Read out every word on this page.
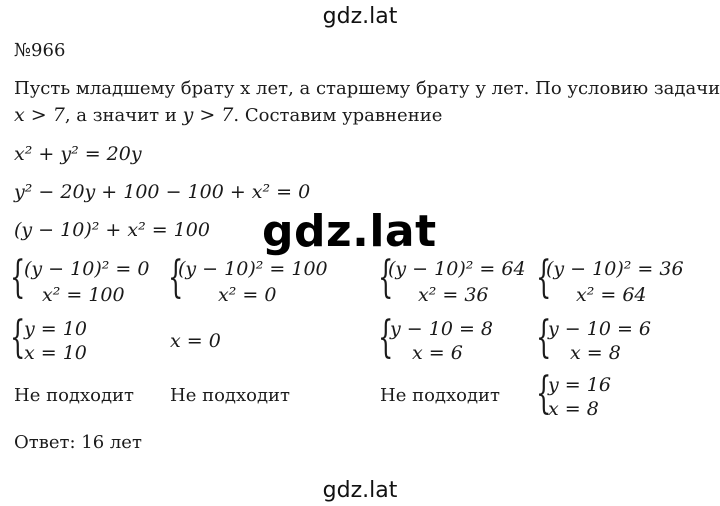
gdz.lat
№966
Пусть младшему брату х лет, а старшему брату у лет. По условию задачи
x > 7, а значит и y > 7. Составим уравнение
x² + y² = 20y
y² − 20y + 100 − 100 + x² = 0
(y − 10)² + x² = 100 gdz.lat
{
(y − 10)² = 0
x² = 100 {
(y − 10)² = 100
x² = 0 {
(y − 10)² = 64
x² = 36 {
(y − 10)² = 36
x² = 64
{
y = 10
x = 10
x = 0	{
y − 10 = 8
x = 6 {
y − 10 = 6
x = 8
Не подходит Не подходит	Не подходит {
y = 16
x = 8
Ответ: 16 лет
gdz.lat
